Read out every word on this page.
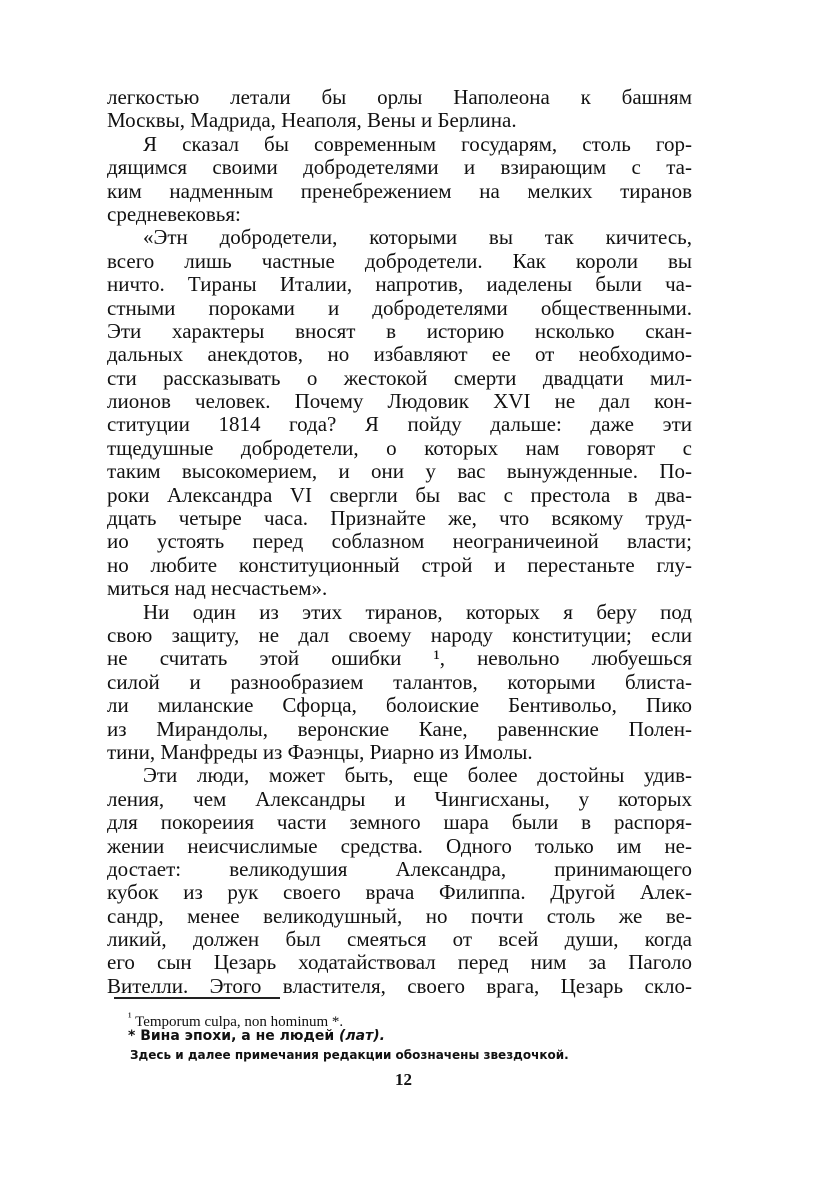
легкостью летали бы орлы Наполеона к башням
Москвы, Мадрида, Неаполя, Вены и Берлина.
Я сказал бы современным государям, столь гор-
дящимся своими добродетелями и взирающим с та-
ким надменным пренебрежением на мелких тиранов
средневековья:
«Этн добродетели, которыми вы так кичитесь,
всего лишь частные добродетели. Как короли вы
ничто. Тираны Италии, напротив, иаделены были ча-
стными пороками и добродетелями общественными.
Эти характеры вносят в историю нсколько скан-
дальных анекдотов, но избавляют ее от необходимо-
сти рассказывать о жестокой смерти двадцати мил-
лионов человек. Почему Людовик XVI не дал кон-
ституции 1814 года? Я пойду дальше: даже эти
тщедушные добродетели, о которых нам говорят с
таким высокомерием, и они у вас вынужденные. По-
роки Александра VI свергли бы вас с престола в два-
дцать четыре часа. Признайте же, что всякому труд-
ио устоять перед соблазном неограничеиной власти;
но любите конституционный строй и перестаньте глу-
миться над несчастьем».
Ни один из этих тиранов, которых я беру под
свою защиту, не дал своему народу конституции; если
не считать этой ошибки ¹, невольно любуешься
силой и разнообразием талантов, которыми блиста-
ли миланские Сфорца, болоиские Бентивольо, Пико
из Мирандолы, веронские Кане, равеннские Полен-
тини, Манфреды из Фаэнцы, Риарно из Имолы.
Эти люди, может быть, еще более достойны удив-
ления, чем Александры и Чингисханы, у которых
для покореиия части земного шара были в распоря-
жении неисчислимые средства. Одного только им не-
достает: великодушия Александра, принимающего
кубок из рук своего врача Филиппа. Другой Алек-
сандр, менее великодушный, но почти столь же ве-
ликий, должен был смеяться от всей души, когда
его сын Цезарь ходатайствовал перед ним за Паголо
Вителли. Этого властителя, своего врага, Цезарь скло-
$^{^1}$ Temporum culpa, non hominum *.
* Вина эпохи, а не людей (лат).
Здесь и далее примечания редакции обозначены звездочкой.
12
